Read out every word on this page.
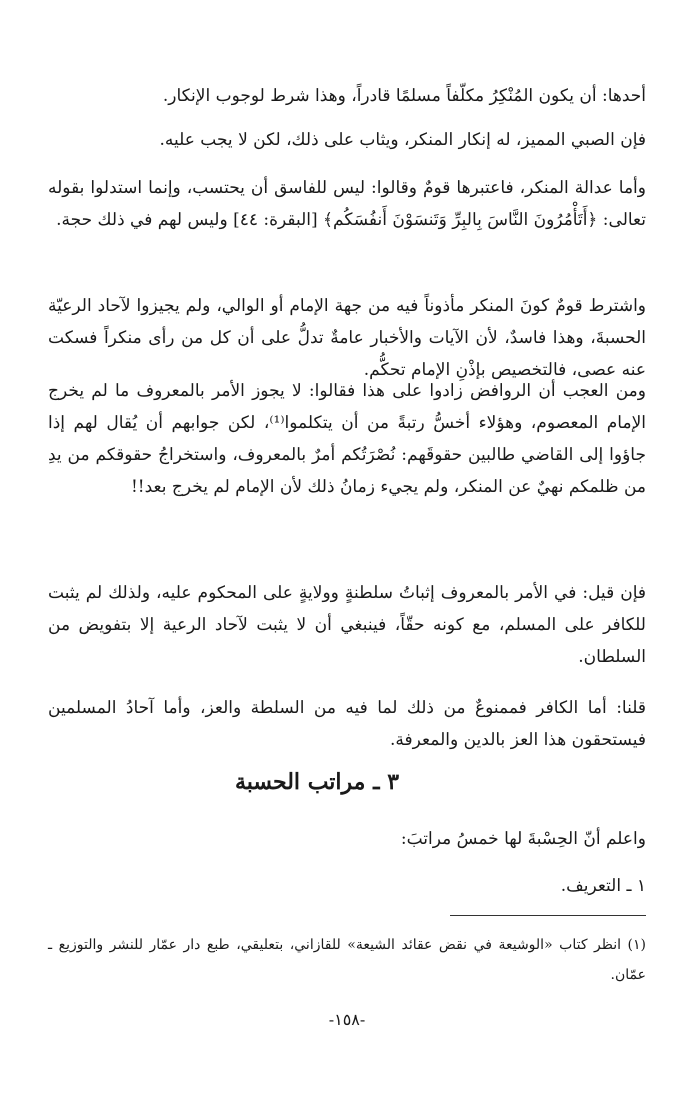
أحدها: أن يكون المُنْكِرُ مكلّفاً مسلمًا قادراً، وهذا شرط لوجوب الإنكار.

فإن الصبي المميز، له إنكار المنكر، ويثاب على ذلك، لكن لا يجب عليه.

وأما عدالة المنكر، فاعتبرها قومٌ وقالوا: ليس للفاسق أن يحتسب، وإنما استدلوا بقوله تعالى: ﴿أَتَأْمُرُونَ النَّاسَ بِالبِرِّ وَتَنسَوْنَ أَنفُسَكُم﴾ [البقرة: ٤٤] وليس لهم في ذلك حجة.

واشترط قومٌ كونَ المنكر مأذوناً فيه من جهة الإمام أو الوالي، ولم يجيزوا لآحاد الرعيّة الحسبةَ، وهذا فاسدٌ، لأن الآيات والأخبار عامةٌ تدلُّ على أن كل من رأى منكراً فسكت عنه عصى، فالتخصيص بإذْنِ الإمام تحكُّم.

ومن العجب أن الروافض زادوا على هذا فقالوا: لا يجوز الأمر بالمعروف ما لم يخرج الإمام المعصوم، وهؤلاء أخسُّ رتبةً من أن يتكلموا⁽¹⁾، لكن جوابهم أن يُقال لهم إذا جاؤوا إلى القاضي طالبين حقوقَهم: نُصْرَتُكم أمرٌ بالمعروف، واستخراجُ حقوقكم من يدِ من ظلمكم نهيٌ عن المنكر، ولم يجيء زمانُ ذلك لأن الإمام لم يخرج بعد!!

فإن قيل: في الأمر بالمعروف إثباتُ سلطنةٍ وولايةٍ على المحكوم عليه، ولذلك لم يثبت للكافر على المسلم، مع كونه حقّاً، فينبغي أن لا يثبت لآحاد الرعية إلا بتفويض من السلطان.

قلنا: أما الكافر فممنوعٌ من ذلك لما فيه من السلطة والعز، وأما آحادُ المسلمين فيستحقون هذا العز بالدين والمعرفة.

٣ ـ مراتب الحسبة

واعلم أنّ الحِسْبةَ لها خمسُ مراتبَ:

١ ـ التعريف.

(١) انظر كتاب «الوشيعة في نقض عقائد الشيعة» للقازاني، بتعليقي، طبع دار عمّار للنشر والتوزيع ـ عمّان.

-١٥٨-
